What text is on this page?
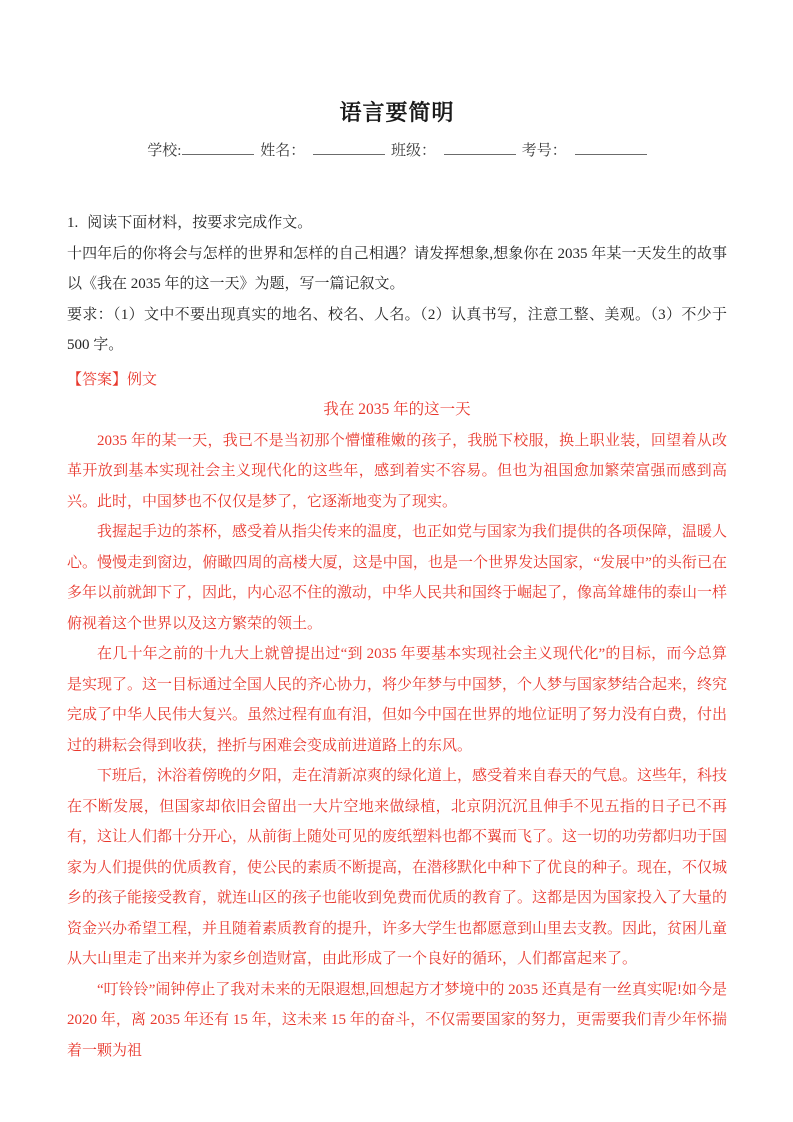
语言要简明
学校:	姓名：	班级：	考号：

1. 阅读下面材料，按要求完成作文。

十四年后的你将会与怎样的世界和怎样的自己相遇？请发挥想象,想象你在 2035 年某一天发生的故事以《我在 2035 年的这一天》为题，写一篇记叙文。

要求：（1）文中不要出现真实的地名、校名、人名。（2）认真书写，注意工整、美观。（3）不少于 500 字。

【答案】例文

我在 2035 年的这一天

2035 年的某一天，我已不是当初那个懵懂稚嫩的孩子，我脱下校服，换上职业装，回望着从改革开放到基本实现社会主义现代化的这些年，感到着实不容易。但也为祖国愈加繁荣富强而感到高兴。此时，中国梦也不仅仅是梦了，它逐渐地变为了现实。

我握起手边的茶杯，感受着从指尖传来的温度，也正如党与国家为我们提供的各项保障，温暖人心。慢慢走到窗边，俯瞰四周的高楼大厦，这是中国，也是一个世界发达国家，“发展中”的头衔已在多年以前就卸下了，因此，内心忍不住的激动，中华人民共和国终于崛起了，像高耸雄伟的泰山一样俯视着这个世界以及这方繁荣的领土。

在几十年之前的十九大上就曾提出过“到 2035 年要基本实现社会主义现代化”的目标，而今总算是实现了。这一目标通过全国人民的齐心协力，将少年梦与中国梦，个人梦与国家梦结合起来，终究完成了中华人民伟大复兴。虽然过程有血有泪，但如今中国在世界的地位证明了努力没有白费，付出过的耕耘会得到收获，挫折与困难会变成前进道路上的东风。

下班后，沐浴着傍晚的夕阳，走在清新凉爽的绿化道上，感受着来自春天的气息。这些年，科技在不断发展，但国家却依旧会留出一大片空地来做绿植，北京阴沉沉且伸手不见五指的日子已不再有，这让人们都十分开心，从前街上随处可见的废纸塑料也都不翼而飞了。这一切的功劳都归功于国家为人们提供的优质教育，使公民的素质不断提高，在潜移默化中种下了优良的种子。现在，不仅城乡的孩子能接受教育，就连山区的孩子也能收到免费而优质的教育了。这都是因为国家投入了大量的资金兴办希望工程，并且随着素质教育的提升，许多大学生也都愿意到山里去支教。因此，贫困儿童从大山里走了出来并为家乡创造财富，由此形成了一个良好的循环，人们都富起来了。

“叮铃铃”闹钟停止了我对未来的无限遐想,回想起方才梦境中的 2035 还真是有一丝真实呢!如今是 2020 年，离 2035 年还有 15 年，这未来 15 年的奋斗，不仅需要国家的努力，更需要我们青少年怀揣着一颗为祖
